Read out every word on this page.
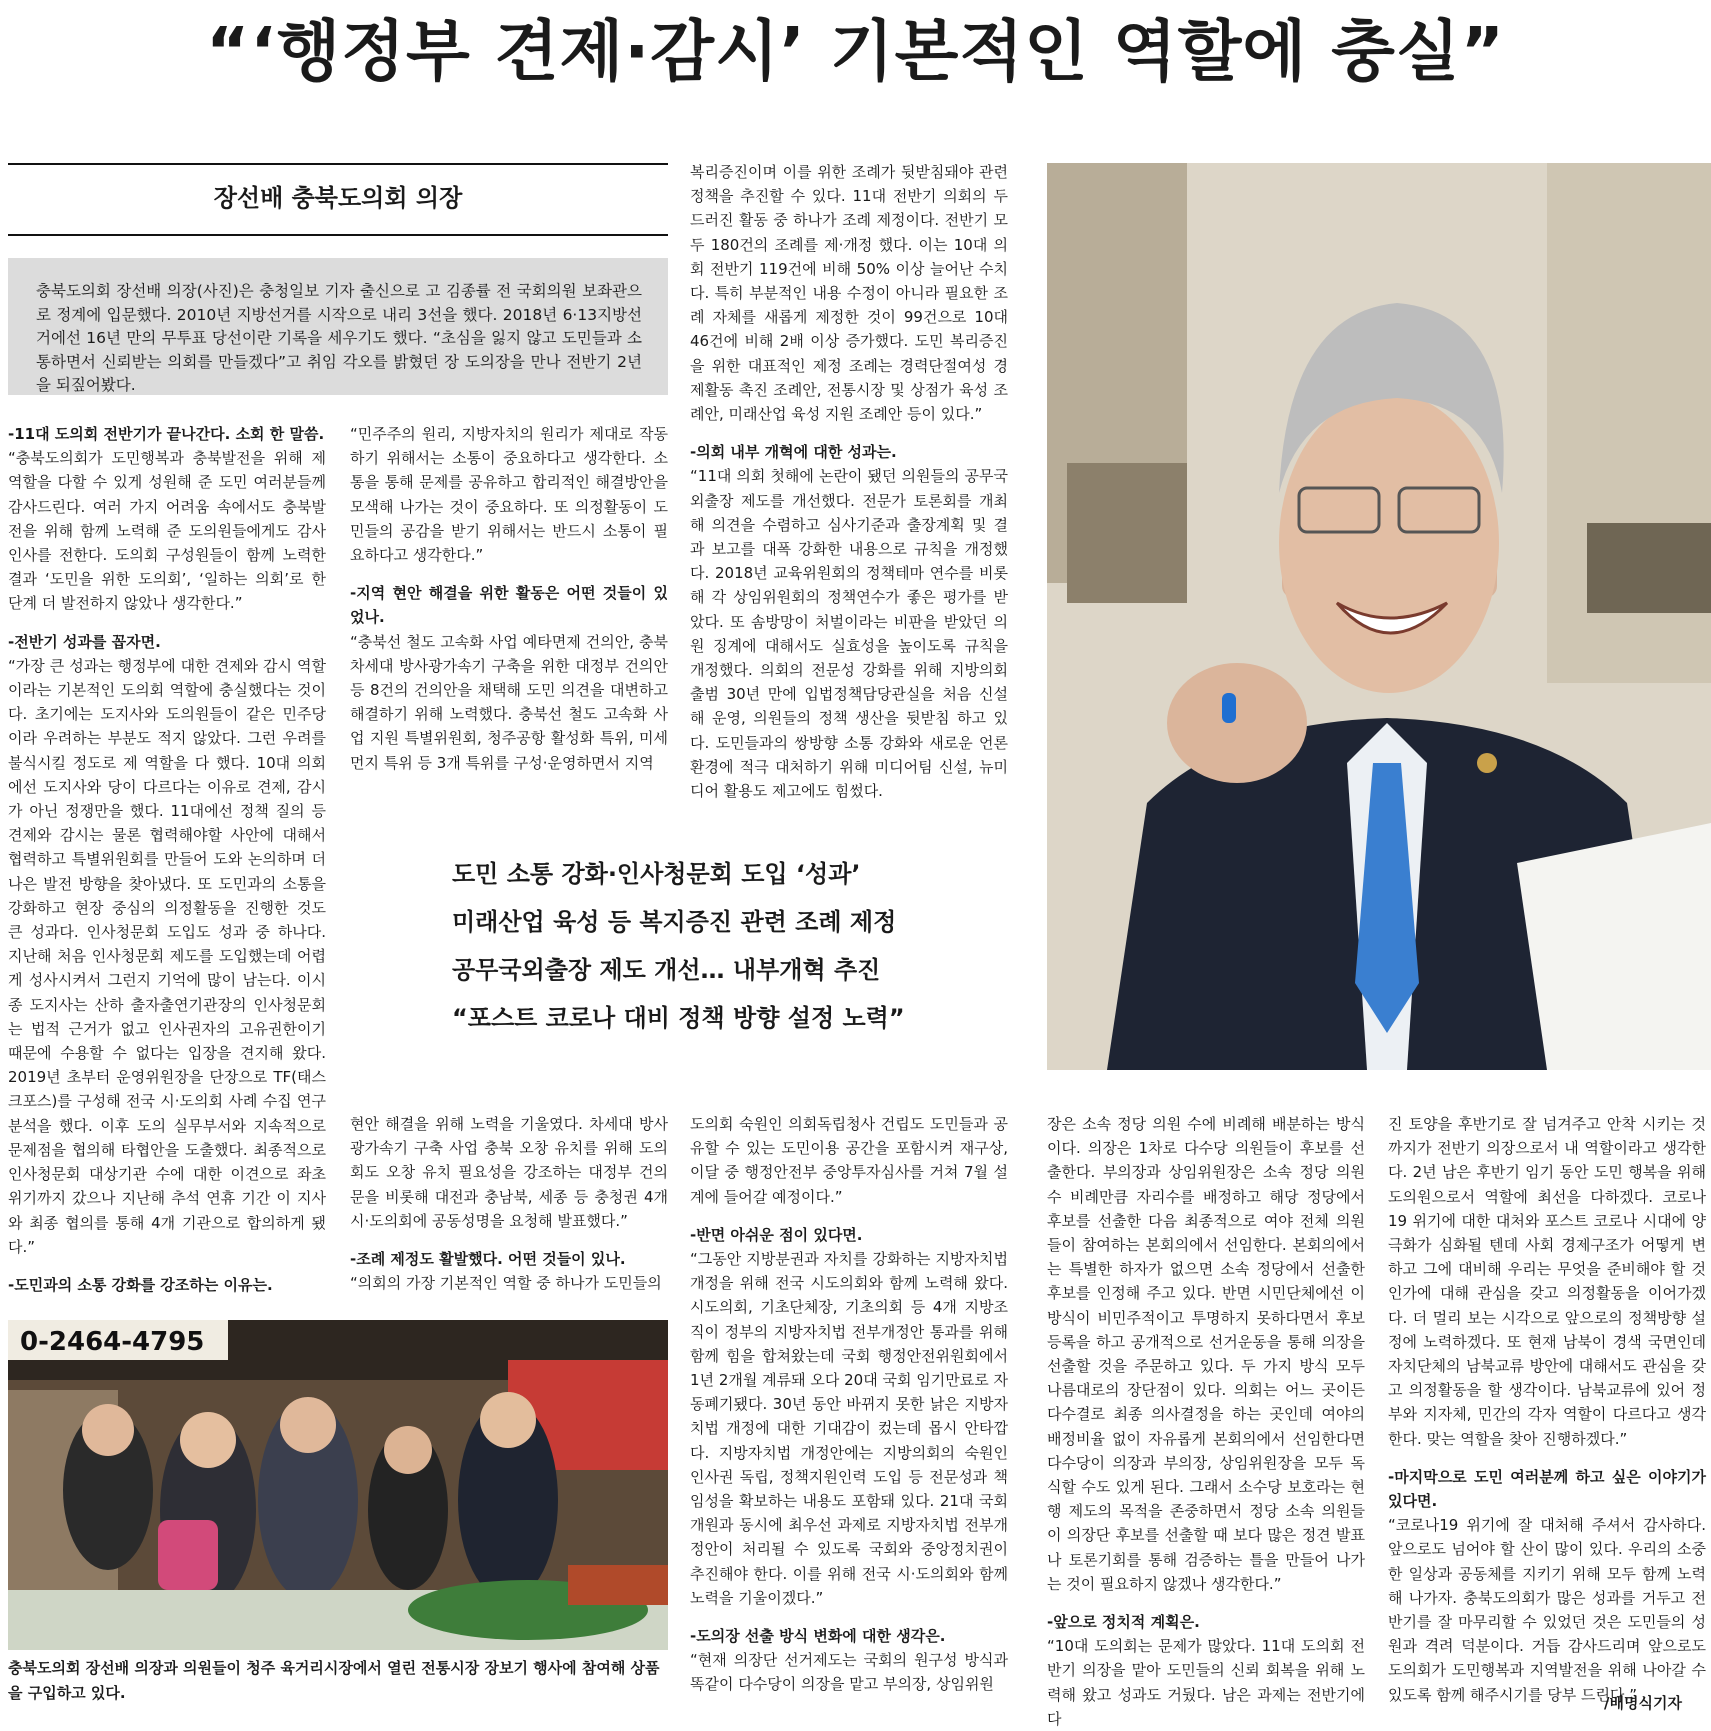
“‘행정부 견제·감시’ 기본적인 역할에 충실”
장선배 충북도의회 의장
충북도의회 장선배 의장(사진)은 충청일보 기자 출신으로 고 김종률 전 국회의원 보좌관으로 정계에 입문했다. 2010년 지방선거를 시작으로 내리 3선을 했다. 2018년 6·13지방선거에선 16년 만의 무투표 당선이란 기록을 세우기도 했다. “초심을 잃지 않고 도민들과 소통하면서 신뢰받는 의회를 만들겠다”고 취임 각오를 밝혔던 장 도의장을 만나 전반기 2년을 되짚어봤다.

-11대 도의회 전반기가 끝나간다. 소회 한 말씀.

“충북도의회가 도민행복과 충북발전을 위해 제 역할을 다할 수 있게 성원해 준 도민 여러분들께 감사드린다. 여러 가지 어려움 속에서도 충북발전을 위해 함께 노력해 준 도의원들에게도 감사 인사를 전한다. 도의회 구성원들이 함께 노력한 결과 ‘도민을 위한 도의회’, ‘일하는 의회’로 한 단계 더 발전하지 않았나 생각한다.”

-전반기 성과를 꼽자면.

“가장 큰 성과는 행정부에 대한 견제와 감시 역할이라는 기본적인 도의회 역할에 충실했다는 것이다. 초기에는 도지사와 도의원들이 같은 민주당이라 우려하는 부분도 적지 않았다. 그런 우려를 불식시킬 정도로 제 역할을 다 했다. 10대 의회에선 도지사와 당이 다르다는 이유로 견제, 감시가 아닌 정쟁만을 했다. 11대에선 정책 질의 등 견제와 감시는 물론 협력해야할 사안에 대해서 협력하고 특별위원회를 만들어 도와 논의하며 더 나은 발전 방향을 찾아냈다. 또 도민과의 소통을 강화하고 현장 중심의 의정활동을 진행한 것도 큰 성과다. 인사청문회 도입도 성과 중 하나다. 지난해 처음 인사청문회 제도를 도입했는데 어렵게 성사시켜서 그런지 기억에 많이 남는다. 이시종 도지사는 산하 출자출연기관장의 인사청문회는 법적 근거가 없고 인사권자의 고유권한이기 때문에 수용할 수 없다는 입장을 견지해 왔다. 2019년 초부터 운영위원장을 단장으로 TF(태스크포스)를 구성해 전국 시·도의회 사례 수집 연구 분석을 했다. 이후 도의 실무부서와 지속적으로 문제점을 협의해 타협안을 도출했다. 최종적으로 인사청문회 대상기관 수에 대한 이견으로 좌초 위기까지 갔으나 지난해 추석 연휴 기간 이 지사와 최종 협의를 통해 4개 기관으로 합의하게 됐다.”

-도민과의 소통 강화를 강조하는 이유는.

“민주주의 원리, 지방자치의 원리가 제대로 작동하기 위해서는 소통이 중요하다고 생각한다. 소통을 통해 문제를 공유하고 합리적인 해결방안을 모색해 나가는 것이 중요하다. 또 의정활동이 도민들의 공감을 받기 위해서는 반드시 소통이 필요하다고 생각한다.”

-지역 현안 해결을 위한 활동은 어떤 것들이 있었나.

“충북선 철도 고속화 사업 예타면제 건의안, 충북 차세대 방사광가속기 구축을 위한 대정부 건의안 등 8건의 건의안을 채택해 도민 의견을 대변하고 해결하기 위해 노력했다. 충북선 철도 고속화 사업 지원 특별위원회, 청주공항 활성화 특위, 미세먼지 특위 등 3개 특위를 구성·운영하면서 지역

복리증진이며 이를 위한 조례가 뒷받침돼야 관련 정책을 추진할 수 있다. 11대 전반기 의회의 두드러진 활동 중 하나가 조례 제정이다. 전반기 모두 180건의 조례를 제·개정 했다. 이는 10대 의회 전반기 119건에 비해 50% 이상 늘어난 수치다. 특히 부분적인 내용 수정이 아니라 필요한 조례 자체를 새롭게 제정한 것이 99건으로 10대 46건에 비해 2배 이상 증가했다. 도민 복리증진을 위한 대표적인 제정 조례는 경력단절여성 경제활동 촉진 조례안, 전통시장 및 상점가 육성 조례안, 미래산업 육성 지원 조례안 등이 있다.”

-의회 내부 개혁에 대한 성과는.

“11대 의회 첫해에 논란이 됐던 의원들의 공무국외출장 제도를 개선했다. 전문가 토론회를 개최해 의견을 수렴하고 심사기준과 출장계획 및 결과 보고를 대폭 강화한 내용으로 규칙을 개정했다. 2018년 교육위원회의 정책테마 연수를 비롯해 각 상임위원회의 정책연수가 좋은 평가를 받았다. 또 솜방망이 처벌이라는 비판을 받았던 의원 징계에 대해서도 실효성을 높이도록 규칙을 개정했다. 의회의 전문성 강화를 위해 지방의회 출범 30년 만에 입법정책담당관실을 처음 신설해 운영, 의원들의 정책 생산을 뒷받침 하고 있다. 도민들과의 쌍방향 소통 강화와 새로운 언론환경에 적극 대처하기 위해 미디어팀 신설, 뉴미디어 활용도 제고에도 힘썼다.

도민 소통 강화·인사청문회 도입 ‘성과’
미래산업 육성 등 복지증진 관련 조례 제정
공무국외출장 제도 개선… 내부개혁 추진
“포스트 코로나 대비 정책 방향 설정 노력”

현안 해결을 위해 노력을 기울였다. 차세대 방사광가속기 구축 사업 충북 오창 유치를 위해 도의회도 오창 유치 필요성을 강조하는 대정부 건의문을 비롯해 대전과 충남북, 세종 등 충청권 4개 시·도의회에 공동성명을 요청해 발표했다.”

-조례 제정도 활발했다. 어떤 것들이 있나.

“의회의 가장 기본적인 역할 중 하나가 도민들의

도의회 숙원인 의회독립청사 건립도 도민들과 공유할 수 있는 도민이용 공간을 포함시켜 재구상, 이달 중 행정안전부 중앙투자심사를 거쳐 7월 설계에 들어갈 예정이다.”

-반면 아쉬운 점이 있다면.

“그동안 지방분권과 자치를 강화하는 지방자치법 개정을 위해 전국 시도의회와 함께 노력해 왔다. 시도의회, 기초단체장, 기초의회 등 4개 지방조직이 정부의 지방자치법 전부개정안 통과를 위해 함께 힘을 합쳐왔는데 국회 행정안전위원회에서 1년 2개월 계류돼 오다 20대 국회 임기만료로 자동폐기됐다. 30년 동안 바뀌지 못한 낡은 지방자치법 개정에 대한 기대감이 컸는데 몹시 안타깝다. 지방자치법 개정안에는 지방의회의 숙원인 인사권 독립, 정책지원인력 도입 등 전문성과 책임성을 확보하는 내용도 포함돼 있다. 21대 국회 개원과 동시에 최우선 과제로 지방자치법 전부개정안이 처리될 수 있도록 국회와 중앙정치권이 추진해야 한다. 이를 위해 전국 시·도의회와 함께 노력을 기울이겠다.”

-도의장 선출 방식 변화에 대한 생각은.

“현재 의장단 선거제도는 국회의 원구성 방식과 똑같이 다수당이 의장을 맡고 부의장, 상임위원

장은 소속 정당 의원 수에 비례해 배분하는 방식이다. 의장은 1차로 다수당 의원들이 후보를 선출한다. 부의장과 상임위원장은 소속 정당 의원 수 비례만큼 자리수를 배정하고 해당 정당에서 후보를 선출한 다음 최종적으로 여야 전체 의원들이 참여하는 본회의에서 선임한다. 본회의에서는 특별한 하자가 없으면 소속 정당에서 선출한 후보를 인정해 주고 있다. 반면 시민단체에선 이 방식이 비민주적이고 투명하지 못하다면서 후보등록을 하고 공개적으로 선거운동을 통해 의장을 선출할 것을 주문하고 있다. 두 가지 방식 모두 나름대로의 장단점이 있다. 의회는 어느 곳이든 다수결로 최종 의사결정을 하는 곳인데 여야의 배정비율 없이 자유롭게 본회의에서 선임한다면 다수당이 의장과 부의장, 상임위원장을 모두 독식할 수도 있게 된다. 그래서 소수당 보호라는 현행 제도의 목적을 존중하면서 정당 소속 의원들이 의장단 후보를 선출할 때 보다 많은 정견 발표나 토론기회를 통해 검증하는 틀을 만들어 나가는 것이 필요하지 않겠나 생각한다.”

-앞으로 정치적 계획은.

“10대 도의회는 문제가 많았다. 11대 도의회 전반기 의장을 맡아 도민들의 신뢰 회복을 위해 노력해 왔고 성과도 거뒀다. 남은 과제는 전반기에 다

진 토양을 후반기로 잘 넘겨주고 안착 시키는 것까지가 전반기 의장으로서 내 역할이라고 생각한다. 2년 남은 후반기 임기 동안 도민 행복을 위해 도의원으로서 역할에 최선을 다하겠다. 코로나19 위기에 대한 대처와 포스트 코로나 시대에 양극화가 심화될 텐데 사회 경제구조가 어떻게 변하고 그에 대비해 우리는 무엇을 준비해야 할 것인가에 대해 관심을 갖고 의정활동을 이어가겠다. 더 멀리 보는 시각으로 앞으로의 정책방향 설정에 노력하겠다. 또 현재 남북이 경색 국면인데 자치단체의 남북교류 방안에 대해서도 관심을 갖고 의정활동을 할 생각이다. 남북교류에 있어 정부와 지자체, 민간의 각자 역할이 다르다고 생각한다. 맞는 역할을 찾아 진행하겠다.”

-마지막으로 도민 여러분께 하고 싶은 이야기가 있다면.

“코로나19 위기에 잘 대처해 주셔서 감사하다. 앞으로도 넘어야 할 산이 많이 있다. 우리의 소중한 일상과 공동체를 지키기 위해 모두 함께 노력해 나가자. 충북도의회가 많은 성과를 거두고 전반기를 잘 마무리할 수 있었던 것은 도민들의 성원과 격려 덕분이다. 거듭 감사드리며 앞으로도 도의회가 도민행복과 지역발전을 위해 나아갈 수 있도록 함께 해주시기를 당부 드린다.”

/배명식기자
0-2464-4795
충북도의회 장선배 의장과 의원들이 청주 육거리시장에서 열린 전통시장 장보기 행사에 참여해 상품을 구입하고 있다.
